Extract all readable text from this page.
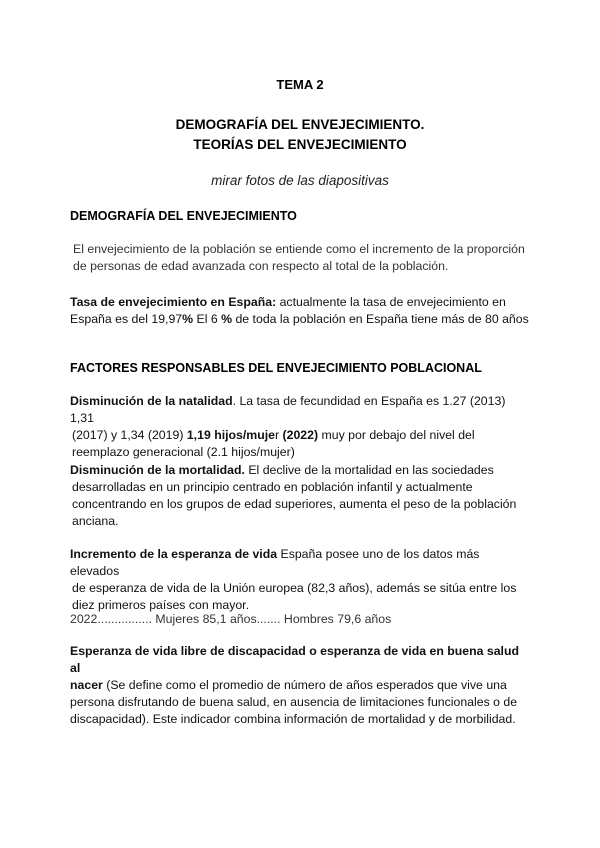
TEMA 2
DEMOGRAFÍA DEL ENVEJECIMIENTO.
TEORÍAS DEL ENVEJECIMIENTO
mirar fotos de las diapositivas
DEMOGRAFÍA DEL ENVEJECIMIENTO
El envejecimiento de la población se entiende como el incremento de la proporción
de personas de edad avanzada con respecto al total de la población.
Tasa de envejecimiento en España: actualmente la tasa de envejecimiento en
España es del 19,97% El 6 % de toda la población en España tiene más de 80 años
FACTORES RESPONSABLES DEL ENVEJECIMIENTO POBLACIONAL
Disminución de la natalidad. La tasa de fecundidad en España es 1.27 (2013) 1,31
(2017) y 1,34 (2019) 1,19 hijos/mujer (2022) muy por debajo del nivel del
reemplazo generacional (2.1 hijos/mujer)
Disminución de la mortalidad. El declive de la mortalidad en las sociedades
desarrolladas en un principio centrado en población infantil y actualmente
concentrando en los grupos de edad superiores, aumenta el peso de la población
anciana.
Incremento de la esperanza de vida España posee uno de los datos más elevados
de esperanza de vida de la Unión europea (82,3 años), además se sitúa entre los
diez primeros países con mayor.
2022................ Mujeres 85,1 años....... Hombres 79,6 años
Esperanza de vida libre de discapacidad o esperanza de vida en buena salud al
nacer (Se define como el promedio de número de años esperados que vive una
persona disfrutando de buena salud, en ausencia de limitaciones funcionales o de
discapacidad). Este indicador combina información de mortalidad y de morbilidad.
